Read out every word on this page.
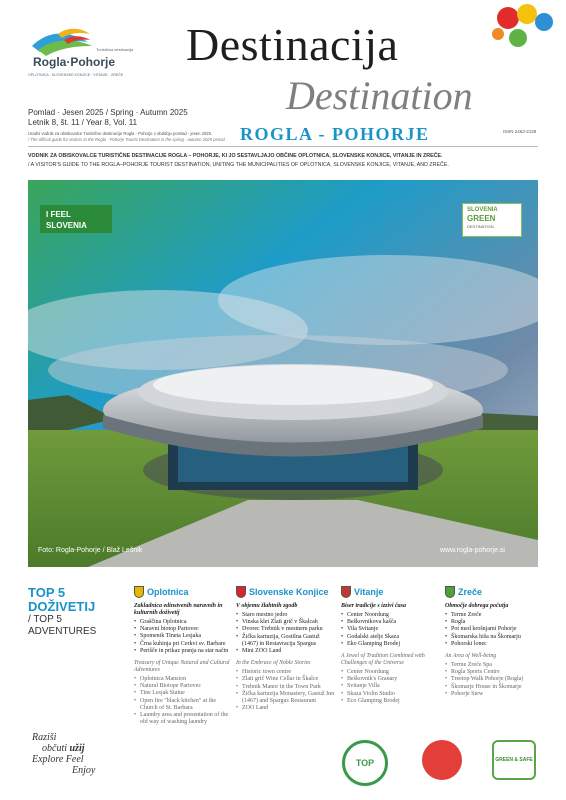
Turistična destinacija
Rogla·Pohorje
OPLOTNICA · SLOVENSKE KONJICE · VITANJE · ZREČE
Destinacija
Destination
ROGLA - POHORJE	ISSN 2463-2128
Pomlad · Jesen 2025 / Spring · Autumn 2025
Letnik 8, št. 11 / Year 8, Vol. 11
Uradni vodnik za obiskovalce Turistične destinacije Rogla - Pohorje v obdobju pomlad - jesen 2025.
/ The official guide for visitors to the Rogla - Pohorje Tourist Destination in the spring - autumn 2025 period
VODNIK ZA OBISKOVALCE TURISTIČNE DESTINACIJE ROGLA – POHORJE, KI JO SESTAVLJAJO OBČINE OPLOTNICA, SLOVENSKE KONJICE, VITANJE IN ZREČE.
/ A VISITOR'S GUIDE TO THE ROGLA–POHORJE TOURIST DESTINATION, UNITING THE MUNICIPALITIES OF OPLOTNICA, SLOVENSKE KONJICE, VITANJE, AND ZREČE.
I FEEL
SLOVENIA
SLOVENIA
GREEN
DESTINATION
Foto: Rogla-Pohorje / Blaž Lešnik	www.rogla-pohorje.si
TOP 5
DOŽIVETIJ
/ TOP 5
ADVENTURES
Raziši
občuti užij
Explore Feel
Enjoy
Oplotnica
Zakladnica edinstvenih naravnih in kulturnih doživetij
• Graščina Oplotnica
• Naravni biotop Partovec
• Spomenik Tineta Lesjaka
• Črna kuhinja pri Cerkvi sv. Barbare
• Perišče in prikaz pranja na star način
Treasury of Unique Natural and Cultural Adventures
• Oplotnica Mansion
• Natural Biotope Partovec
• Tine Lesjak Statue
• Open fire "black kitchen" at the Church of St. Barbara
• Laundry area and presentation of the old way of washing laundry
Slovenske Konjice
V objemu žlahtnih zgodb
• Staro mestno jedro
• Vinska klet Zlati grič v Škalcah
• Dvorec Trebnik v mestnem parku
• Žička kartuzija, Gostilna Gastuž (1467) in Restavracija Spargus
• Mini ZOO Land
In the Embrace of Noble Stories
• Historic town centre
• Zlati grič Wine Cellar in Škalce
• Trebnik Manor in the Town Park
• Žička kartuzija Monastery, Gastuž Inn (1467) and Spargus Restaurant
• ZOO Land
Vitanje
Biser tradicije s izzivi časa
• Center Noordung
• Beškovnikova kašča
• Vila Svitanje
• Godalski atelje Skaza
• Eko Glamping Brodej
A Jewel of Tradition Combined with Challenges of the Universe
• Center Noordung
• Beškovnik's Granary
• Svitanje Villa
• Skaza Violin Studio
• Eco Glamping Brodej
Zreče
Območje dobrega počutja
• Terme Zreče
• Rogla
• Pot med krošnjami Pohorje
• Škomarska hiša na Škomarju
• Pohorski lonec
An Area of Well-being
• Terme Zreče Spa
• Rogla Sports Centre
• Treetop Walk Pohorje (Rogla)
• Škomarje House in Škomarje
• Pohorje Stew
TOP	GREEN & SAFE
